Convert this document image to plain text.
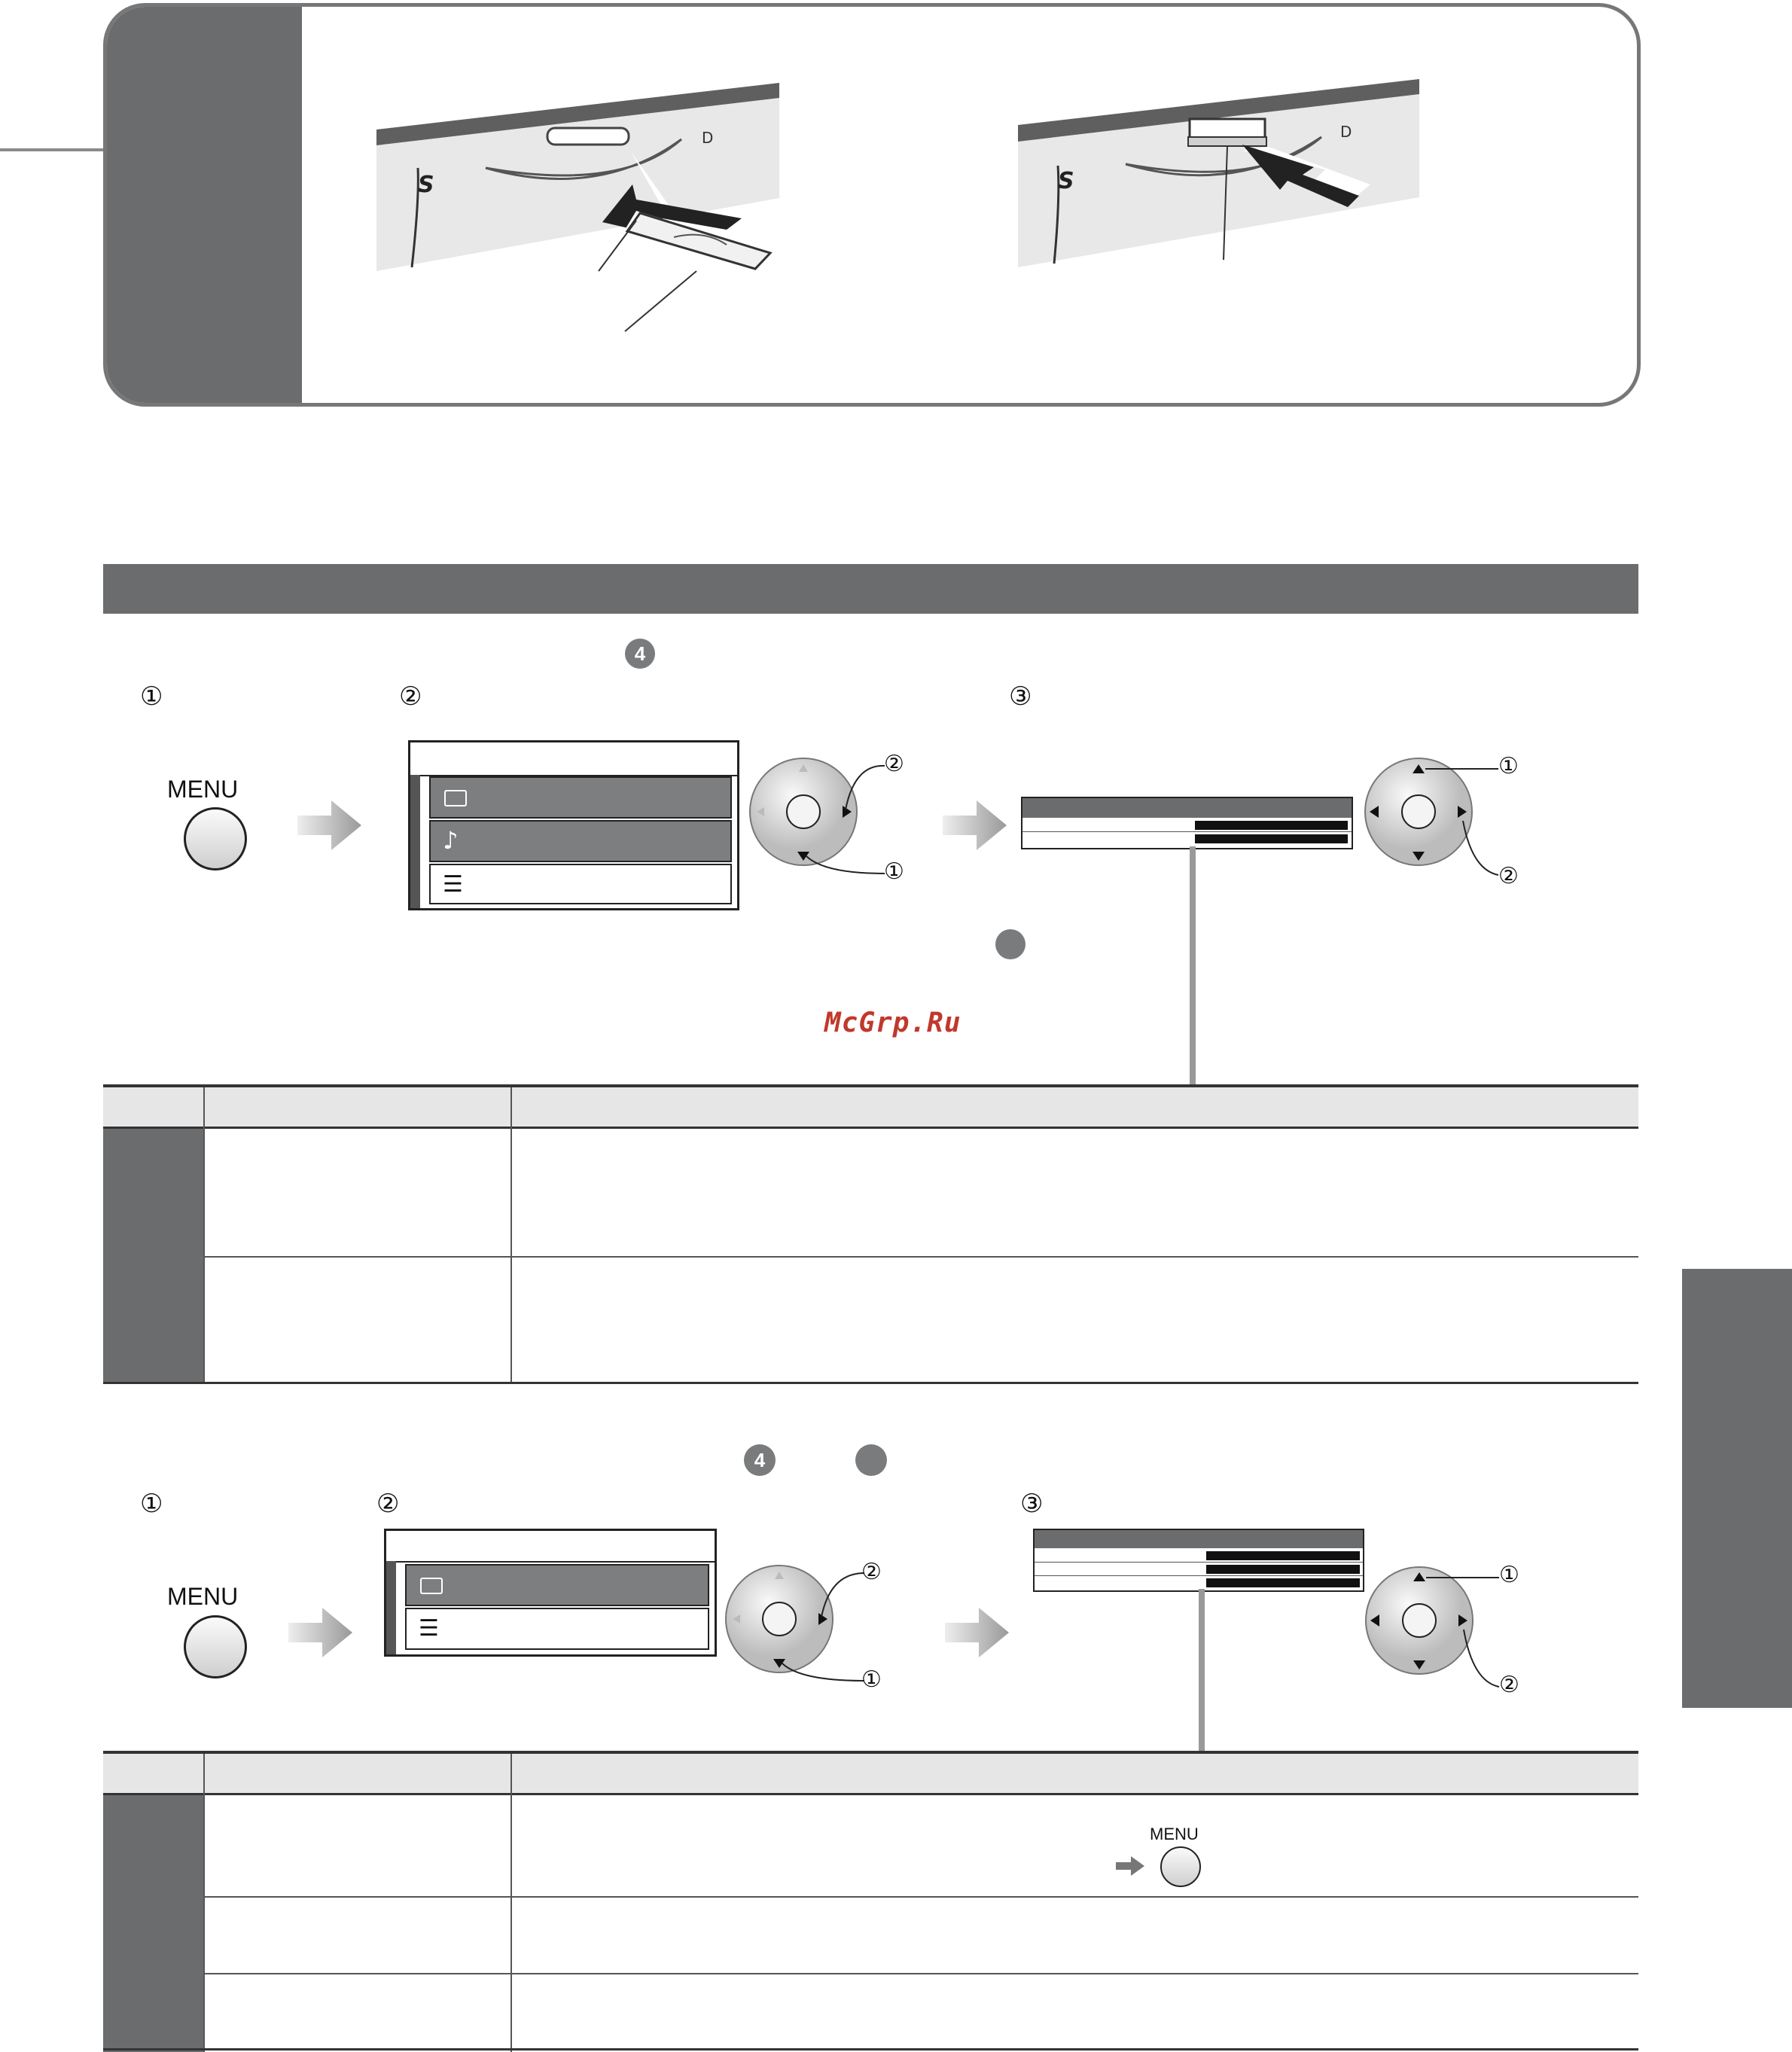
S
D
S
D
4
①	②	③
MENU
♪
☰
②
①
①
②
McGrp.Ru
4
①	②	③
MENU
☰
②
①
①
②
MENU
